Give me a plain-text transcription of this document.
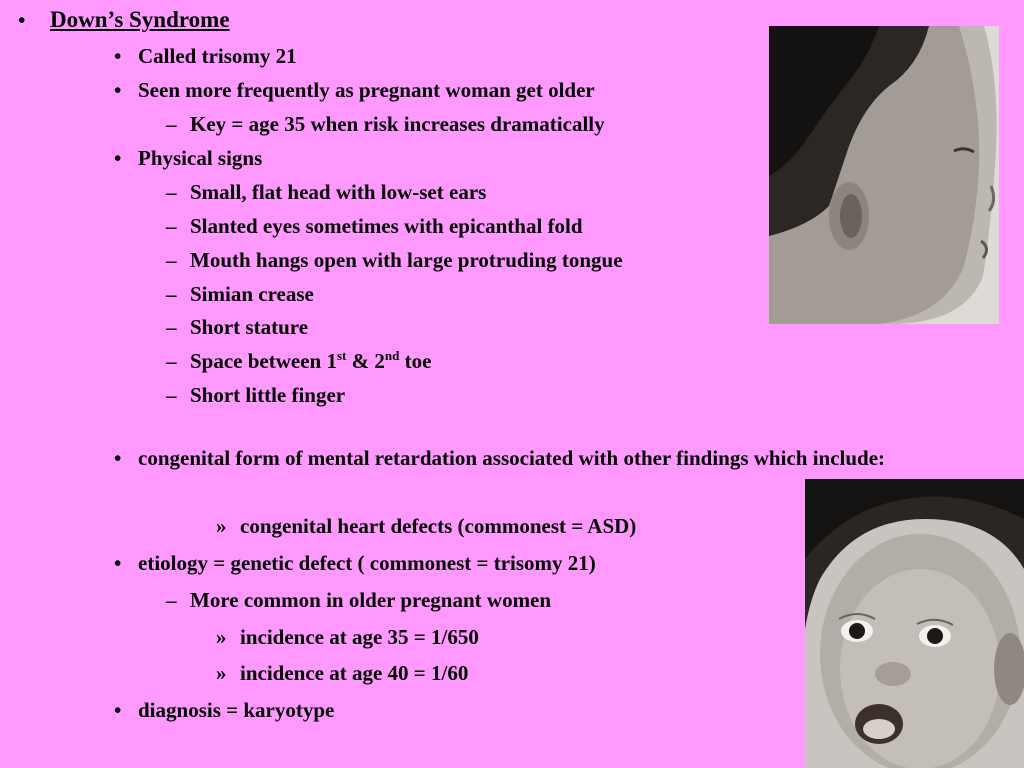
• Down’s Syndrome
• Called trisomy 21
• Seen more frequently as pregnant woman get older
– Key = age 35 when risk increases dramatically
• Physical signs
– Small, flat head with low-set ears
– Slanted eyes sometimes with epicanthal fold
– Mouth hangs open with large protruding tongue
– Simian crease
– Short stature
– Space between 1st & 2nd toe
– Short little finger
• congenital form of mental retardation associated with other findings which include:
» congenital heart defects (commonest = ASD)
• etiology = genetic defect ( commonest = trisomy 21)
– More common in older pregnant women
» incidence at age 35 = 1/650
» incidence at age 40 = 1/60
• diagnosis = karyotype
